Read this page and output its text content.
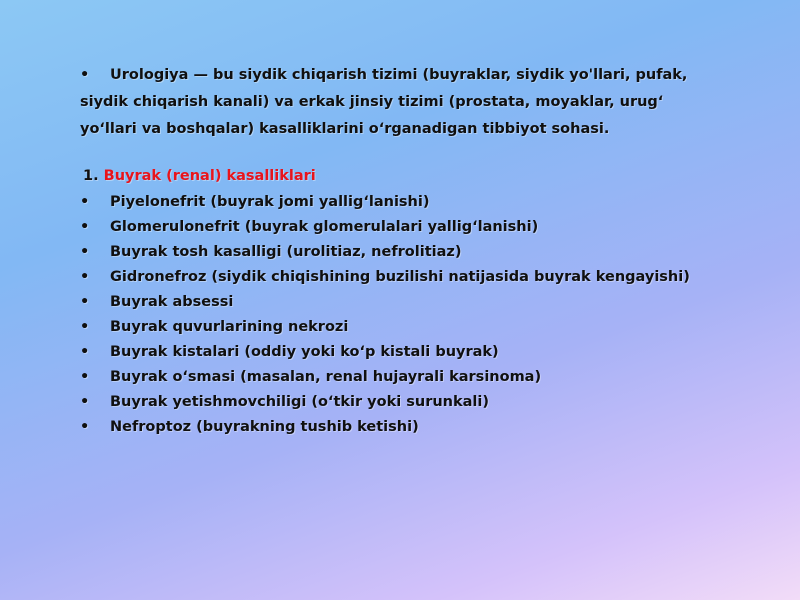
• Urologiya — bu siydik chiqarish tizimi (buyraklar, siydik yo'llari, pufak,
siydik chiqarish kanali) va erkak jinsiy tizimi (prostata, moyaklar, urugʻ
yoʻllari va boshqalar) kasalliklarini oʻrganadigan tibbiyot sohasi.

1. Buyrak (renal) kasalliklari
• Piyelonefrit (buyrak jomi yalligʻlanishi)
• Glomerulonefrit (buyrak glomerulalari yalligʻlanishi)
• Buyrak tosh kasalligi (urolitiaz, nefrolitiaz)
• Gidronefroz (siydik chiqishining buzilishi natijasida buyrak kengayishi)
• Buyrak absessi
• Buyrak quvurlarining nekrozi
• Buyrak kistalari (oddiy yoki koʻp kistali buyrak)
• Buyrak oʻsmasi (masalan, renal hujayrali karsinoma)
• Buyrak yetishmovchiligi (oʻtkir yoki surunkali)
• Nefroptoz (buyrakning tushib ketishi)
